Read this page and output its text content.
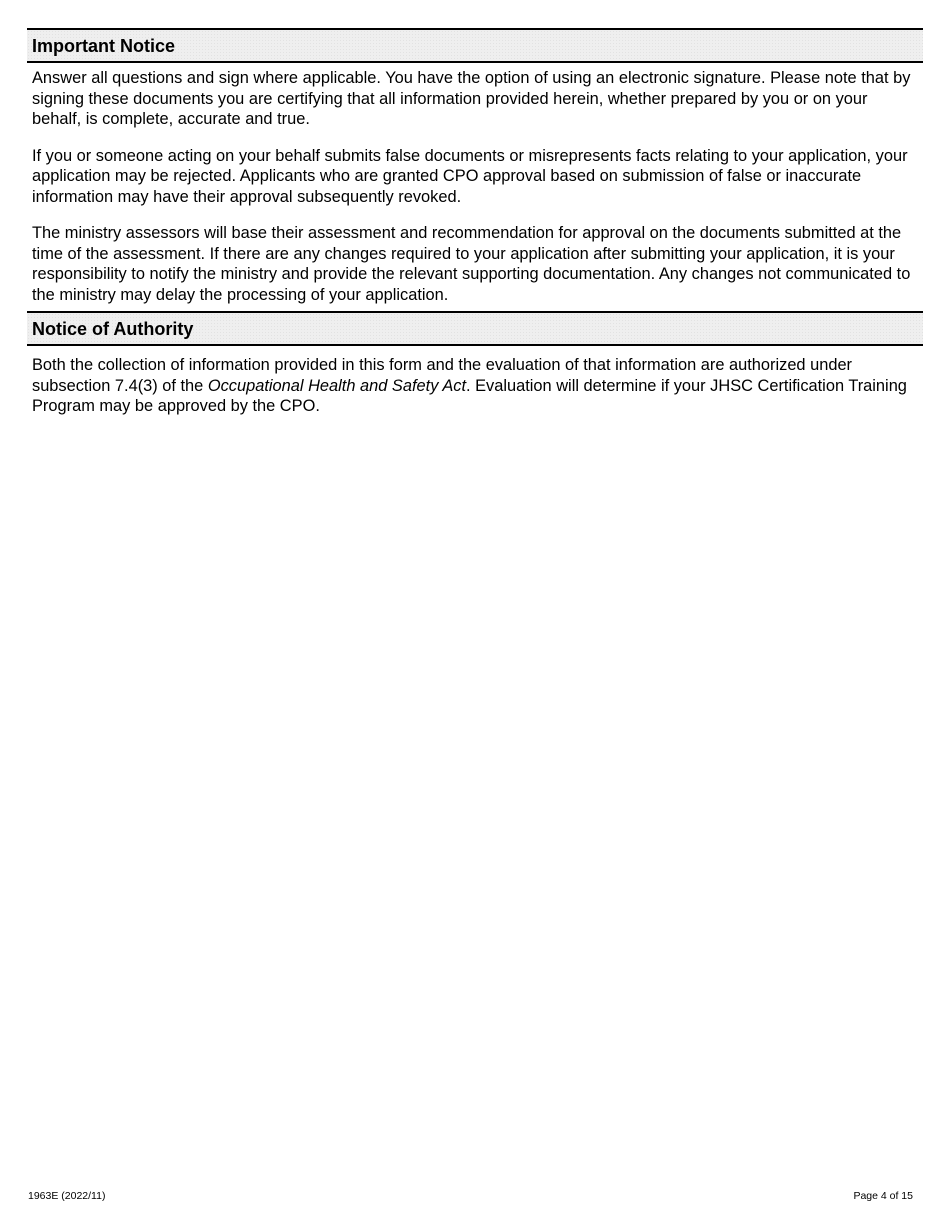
Important Notice

Answer all questions and sign where applicable. You have the option of using an electronic signature. Please note that by signing these documents you are certifying that all information provided herein, whether prepared by you or on your behalf, is complete, accurate and true.

If you or someone acting on your behalf submits false documents or misrepresents facts relating to your application, your application may be rejected. Applicants who are granted CPO approval based on submission of false or inaccurate information may have their approval subsequently revoked.

The ministry assessors will base their assessment and recommendation for approval on the documents submitted at the time of the assessment. If there are any changes required to your application after submitting your application, it is your responsibility to notify the ministry and provide the relevant supporting documentation. Any changes not communicated to the ministry may delay the processing of your application.

Notice of Authority

Both the collection of information provided in this form and the evaluation of that information are authorized under subsection 7.4(3) of the Occupational Health and Safety Act. Evaluation will determine if your JHSC Certification Training Program may be approved by the CPO.

1963E (2022/11)	Page 4 of 15
